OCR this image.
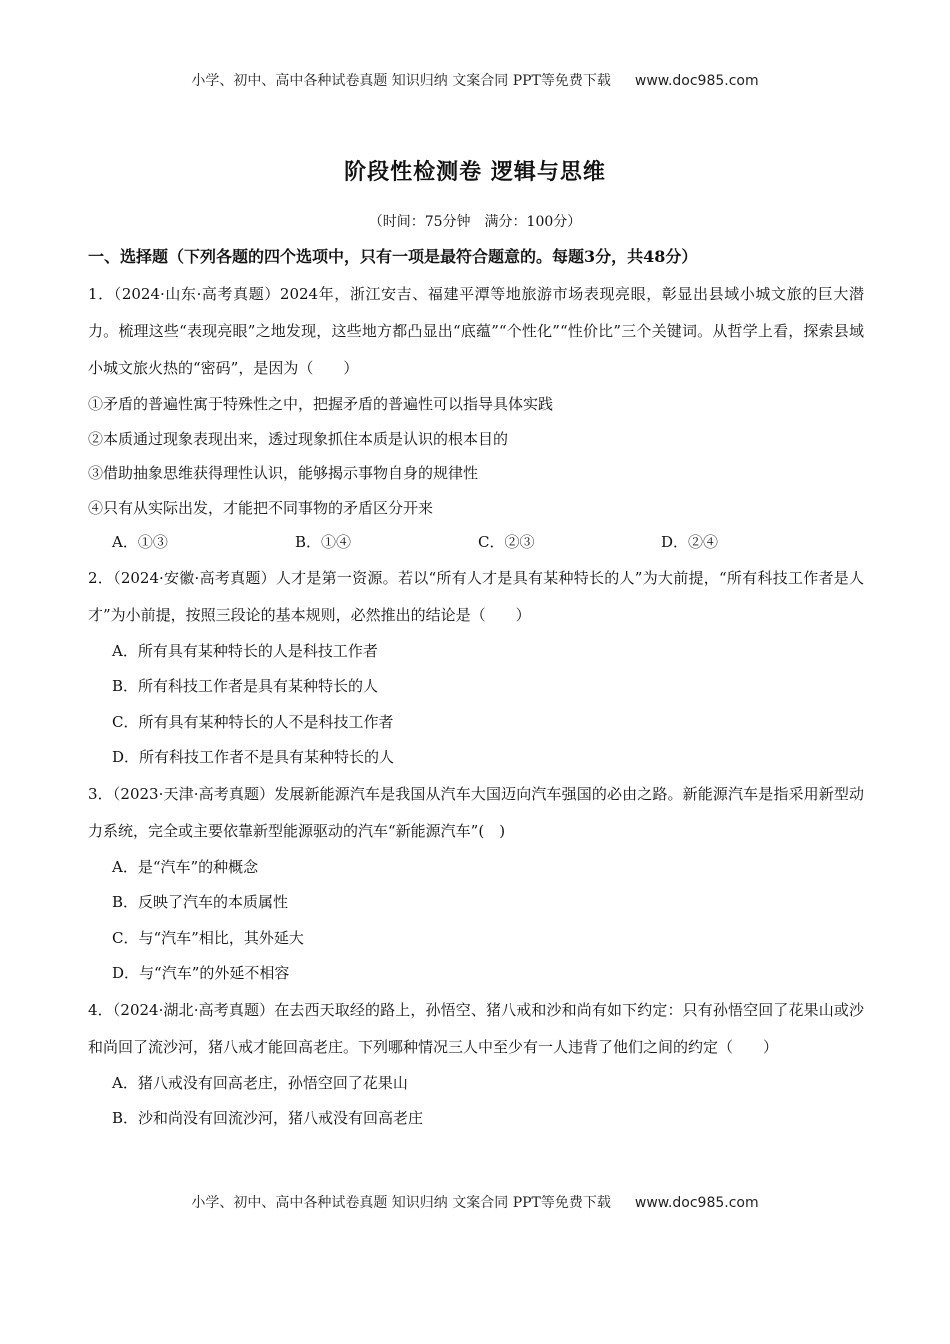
小学、初中、高中各种试卷真题 知识归纳 文案合同 PPT等免费下载 www.doc985.com
阶段性检测卷 逻辑与思维
（时间：75分钟　满分：100分）
一、选择题（下列各题的四个选项中，只有一项是最符合题意的。每题3分，共48分）
1．（2024·山东·高考真题）2024年，浙江安吉、福建平潭等地旅游市场表现亮眼，彰显出县域小城文旅的巨大潜力。梳理这些“表现亮眼”之地发现，这些地方都凸显出“底蕴”“个性化”“性价比”三个关键词。从哲学上看，探索县域小城文旅火热的“密码”，是因为（　　）
①矛盾的普遍性寓于特殊性之中，把握矛盾的普遍性可以指导具体实践
②本质通过现象表现出来，透过现象抓住本质是认识的根本目的
③借助抽象思维获得理性认识，能够揭示事物自身的规律性
④只有从实际出发，才能把不同事物的矛盾区分开来
A．①③	B．①④	C．②③	D．②④
2．（2024·安徽·高考真题）人才是第一资源。若以“所有人才是具有某种特长的人”为大前提，“所有科技工作者是人才”为小前提，按照三段论的基本规则，必然推出的结论是（　　）
A．所有具有某种特长的人是科技工作者
B．所有科技工作者是具有某种特长的人
C．所有具有某种特长的人不是科技工作者
D．所有科技工作者不是具有某种特长的人
3．（2023·天津·高考真题）发展新能源汽车是我国从汽车大国迈向汽车强国的必由之路。新能源汽车是指采用新型动力系统，完全或主要依靠新型能源驱动的汽车“新能源汽车”(　)
A．是“汽车”的种概念
B．反映了汽车的本质属性
C．与“汽车”相比，其外延大
D．与“汽车”的外延不相容
4．（2024·湖北·高考真题）在去西天取经的路上，孙悟空、猪八戒和沙和尚有如下约定：只有孙悟空回了花果山或沙和尚回了流沙河，猪八戒才能回高老庄。下列哪种情况三人中至少有一人违背了他们之间的约定（　　）
A．猪八戒没有回高老庄，孙悟空回了花果山
B．沙和尚没有回流沙河，猪八戒没有回高老庄
小学、初中、高中各种试卷真题 知识归纳 文案合同 PPT等免费下载 www.doc985.com
